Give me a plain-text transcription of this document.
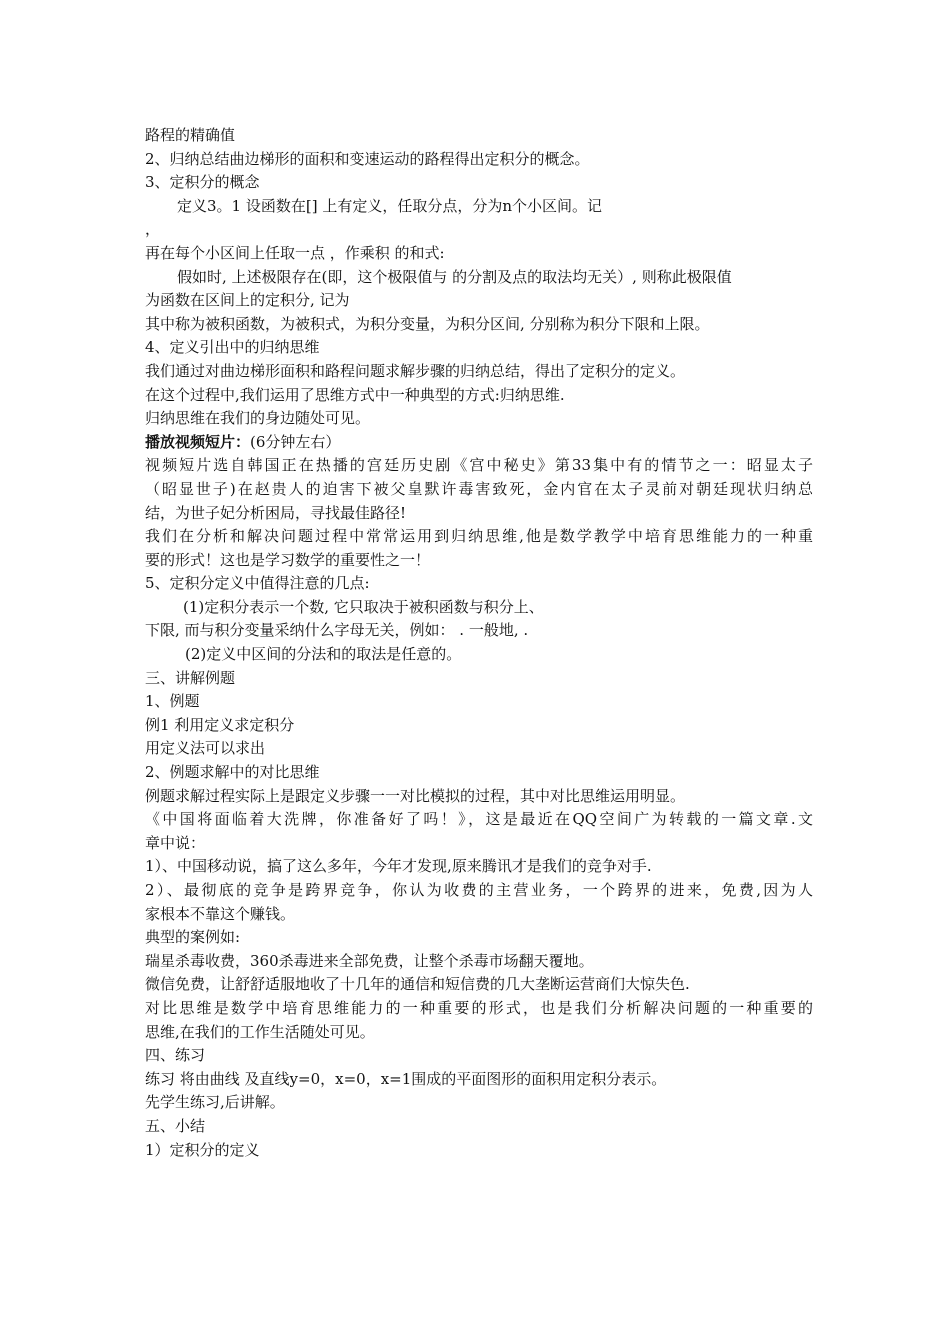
路程的精确值
2、归纳总结曲边梯形的面积和变速运动的路程得出定积分的概念。
3、定积分的概念
定义3。1 设函数在[] 上有定义，任取分点，分为n个小区间。记
，
再在每个小区间上任取一点 ，作乘积 的和式:
假如时, 上述极限存在(即，这个极限值与 的分割及点的取法均无关）, 则称此极限值
为函数在区间上的定积分, 记为
其中称为被积函数，为被积式，为积分变量，为积分区间, 分别称为积分下限和上限。
4、定义引出中的归纳思维
我们通过对曲边梯形面积和路程问题求解步骤的归纳总结，得出了定积分的定义。
在这个过程中,我们运用了思维方式中一种典型的方式:归纳思维.
归纳思维在我们的身边随处可见。
播放视频短片：(6分钟左右）
视频短片选自韩国正在热播的宫廷历史剧《宫中秘史》第33集中有的情节之一：昭显太子
（昭显世子)在赵贵人的迫害下被父皇默许毒害致死，金内官在太子灵前对朝廷现状归纳总
结，为世子妃分析困局，寻找最佳路径!
我们在分析和解决问题过程中常常运用到归纳思维,他是数学教学中培育思维能力的一种重
要的形式！这也是学习数学的重要性之一！
5、定积分定义中值得注意的几点:
(1)定积分表示一个数, 它只取决于被积函数与积分上、
下限, 而与积分变量采纳什么字母无关，例如： . 一般地, .
(2)定义中区间的分法和的取法是任意的。
三、讲解例题
1、例题
例1 利用定义求定积分
用定义法可以求出
2、例题求解中的对比思维
例题求解过程实际上是跟定义步骤一一对比模拟的过程，其中对比思维运用明显。
《中国将面临着大洗牌，你准备好了吗！》，这是最近在QQ空间广为转载的一篇文章.文
章中说：
1）、中国移动说，搞了这么多年，今年才发现,原来腾讯才是我们的竞争对手.
2）、最彻底的竞争是跨界竞争，你认为收费的主营业务，一个跨界的进来，免费,因为人
家根本不靠这个赚钱。
典型的案例如:
瑞星杀毒收费，360杀毒进来全部免费，让整个杀毒市场翻天覆地。
微信免费，让舒舒适服地收了十几年的通信和短信费的几大垄断运营商们大惊失色.
对比思维是数学中培育思维能力的一种重要的形式，也是我们分析解决问题的一种重要的
思维,在我们的工作生活随处可见。
四、练习
练习 将由曲线 及直线y=0，x=0，x=1围成的平面图形的面积用定积分表示。
先学生练习,后讲解。
五、小结
1）定积分的定义
